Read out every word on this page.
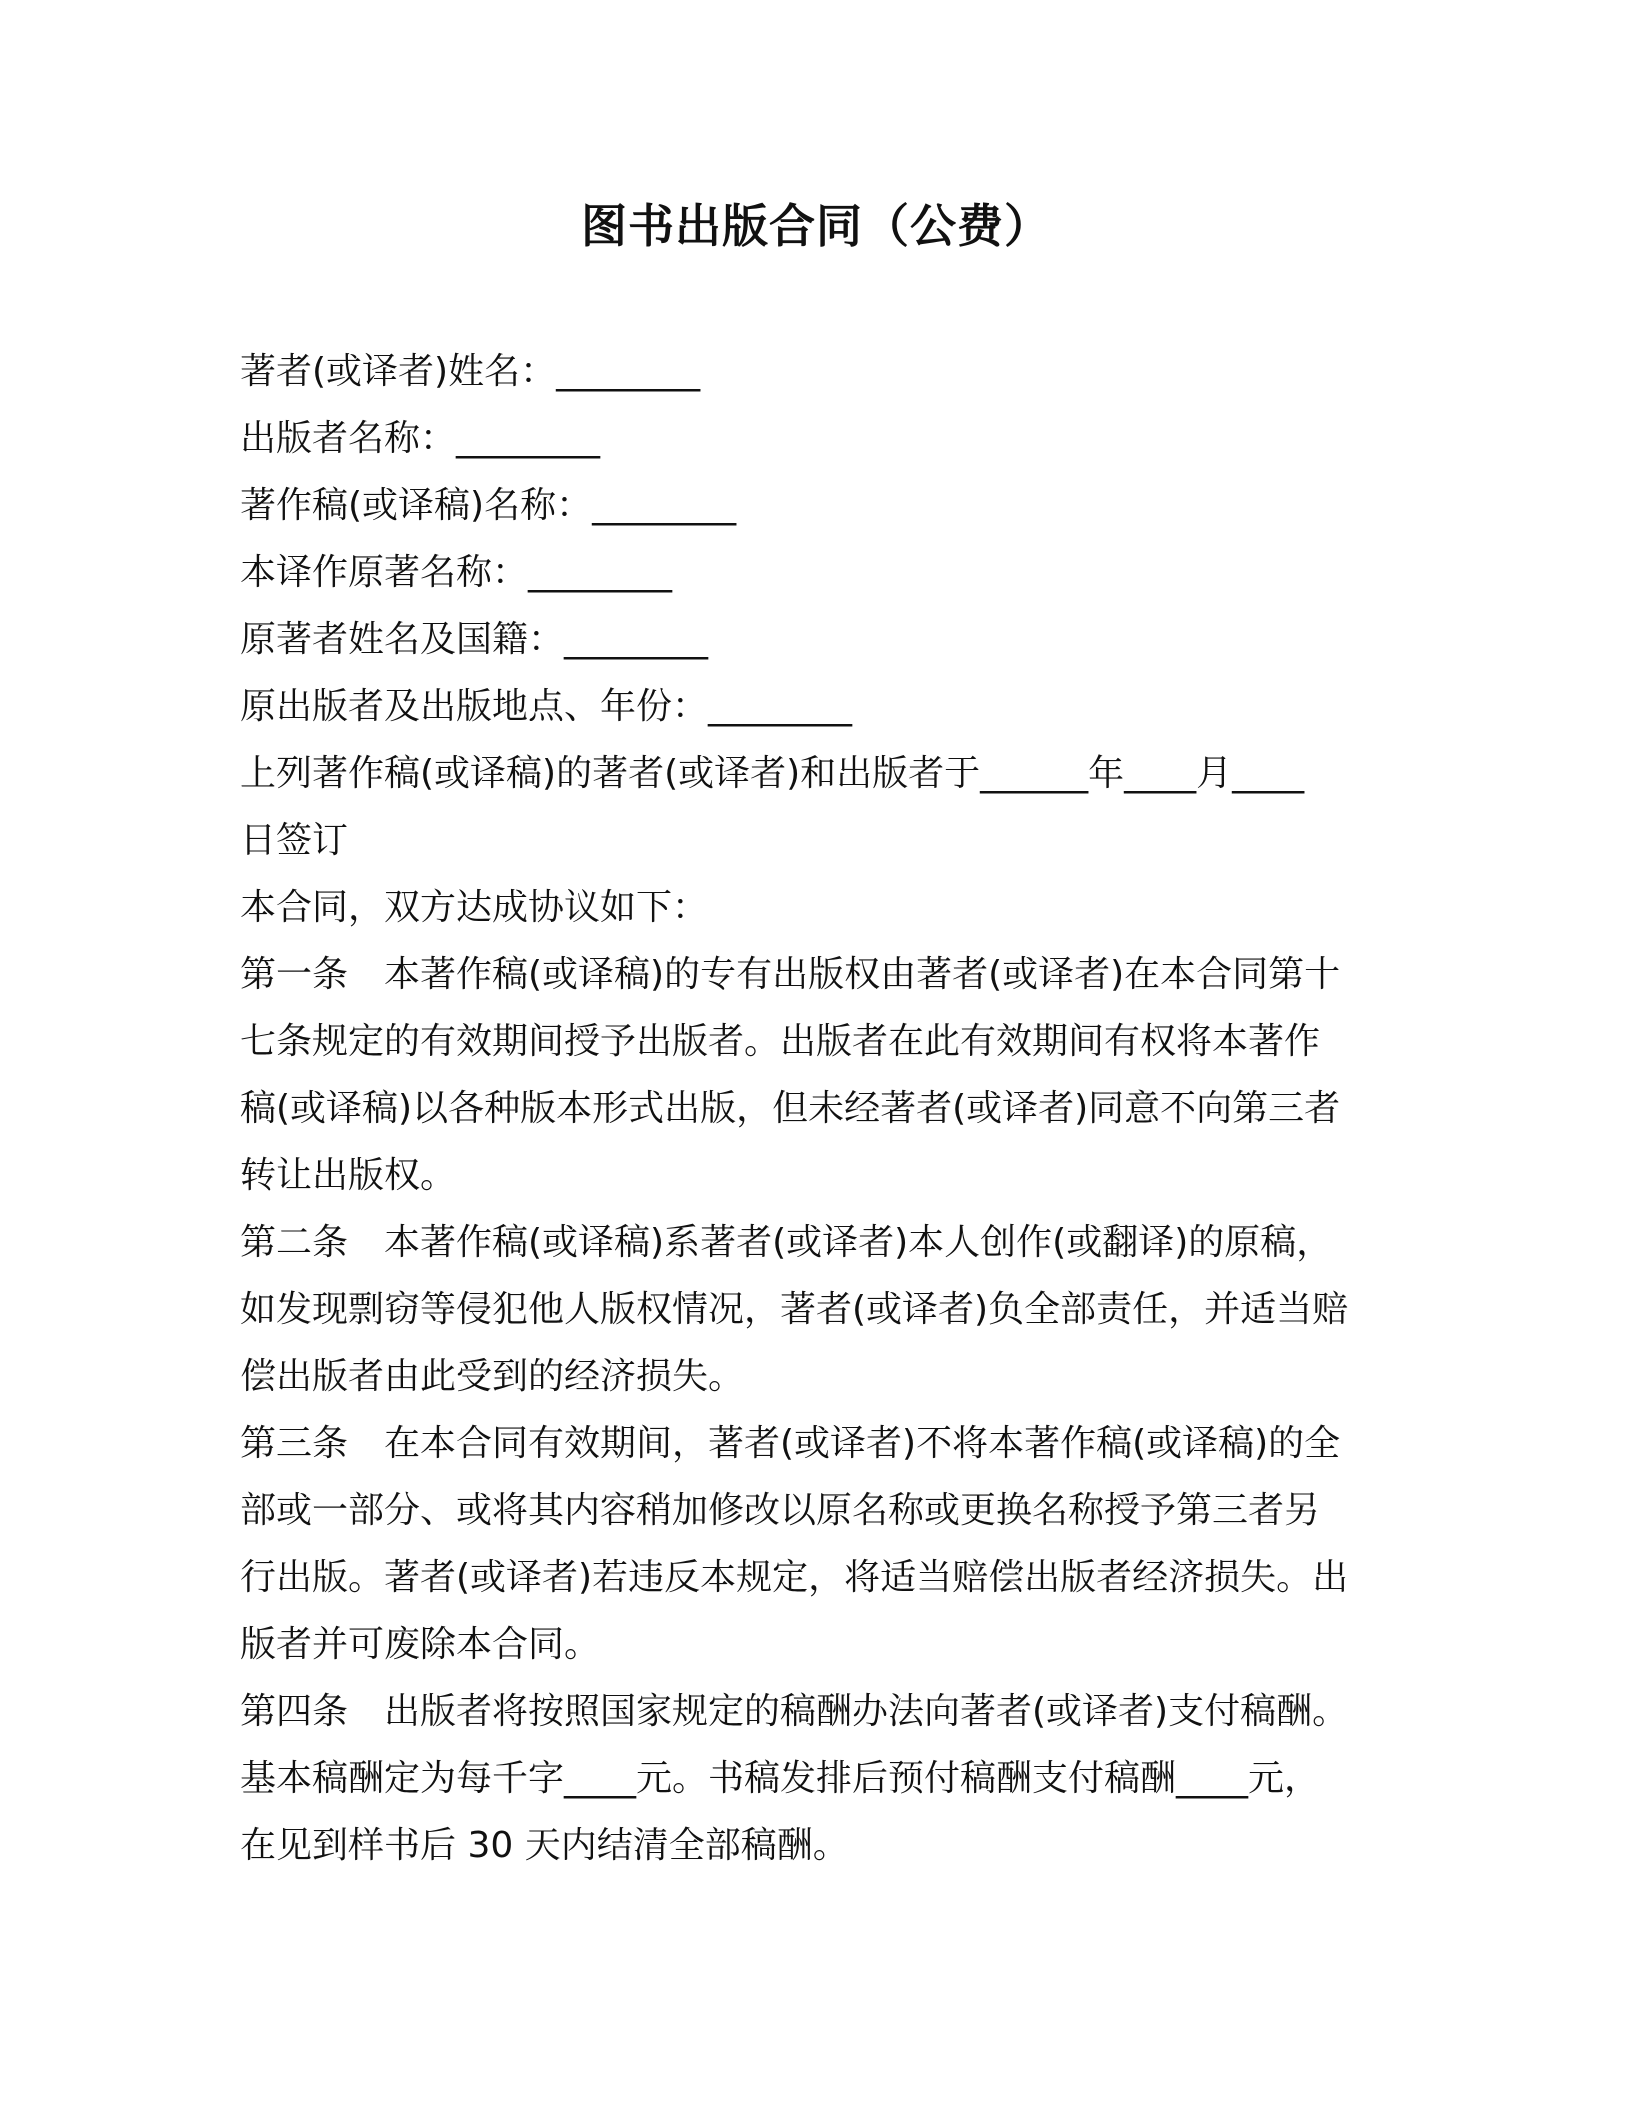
图书出版合同（公费）
著者(或译者)姓名：________
出版者名称：________
著作稿(或译稿)名称：________
本译作原著名称：________
原著者姓名及国籍：________
原出版者及出版地点、年份：________
上列著作稿(或译稿)的著者(或译者)和出版者于______年____月____
日签订
本合同，双方达成协议如下：
第一条　本著作稿(或译稿)的专有出版权由著者(或译者)在本合同第十
七条规定的有效期间授予出版者。出版者在此有效期间有权将本著作
稿(或译稿)以各种版本形式出版，但未经著者(或译者)同意不向第三者
转让出版权。
第二条　本著作稿(或译稿)系著者(或译者)本人创作(或翻译)的原稿，
如发现剽窃等侵犯他人版权情况，著者(或译者)负全部责任，并适当赔
偿出版者由此受到的经济损失。
第三条　在本合同有效期间，著者(或译者)不将本著作稿(或译稿)的全
部或一部分、或将其内容稍加修改以原名称或更换名称授予第三者另
行出版。著者(或译者)若违反本规定，将适当赔偿出版者经济损失。出
版者并可废除本合同。
第四条　出版者将按照国家规定的稿酬办法向著者(或译者)支付稿酬。
基本稿酬定为每千字____元。书稿发排后预付稿酬支付稿酬____元，
在见到样书后 30 天内结清全部稿酬。
